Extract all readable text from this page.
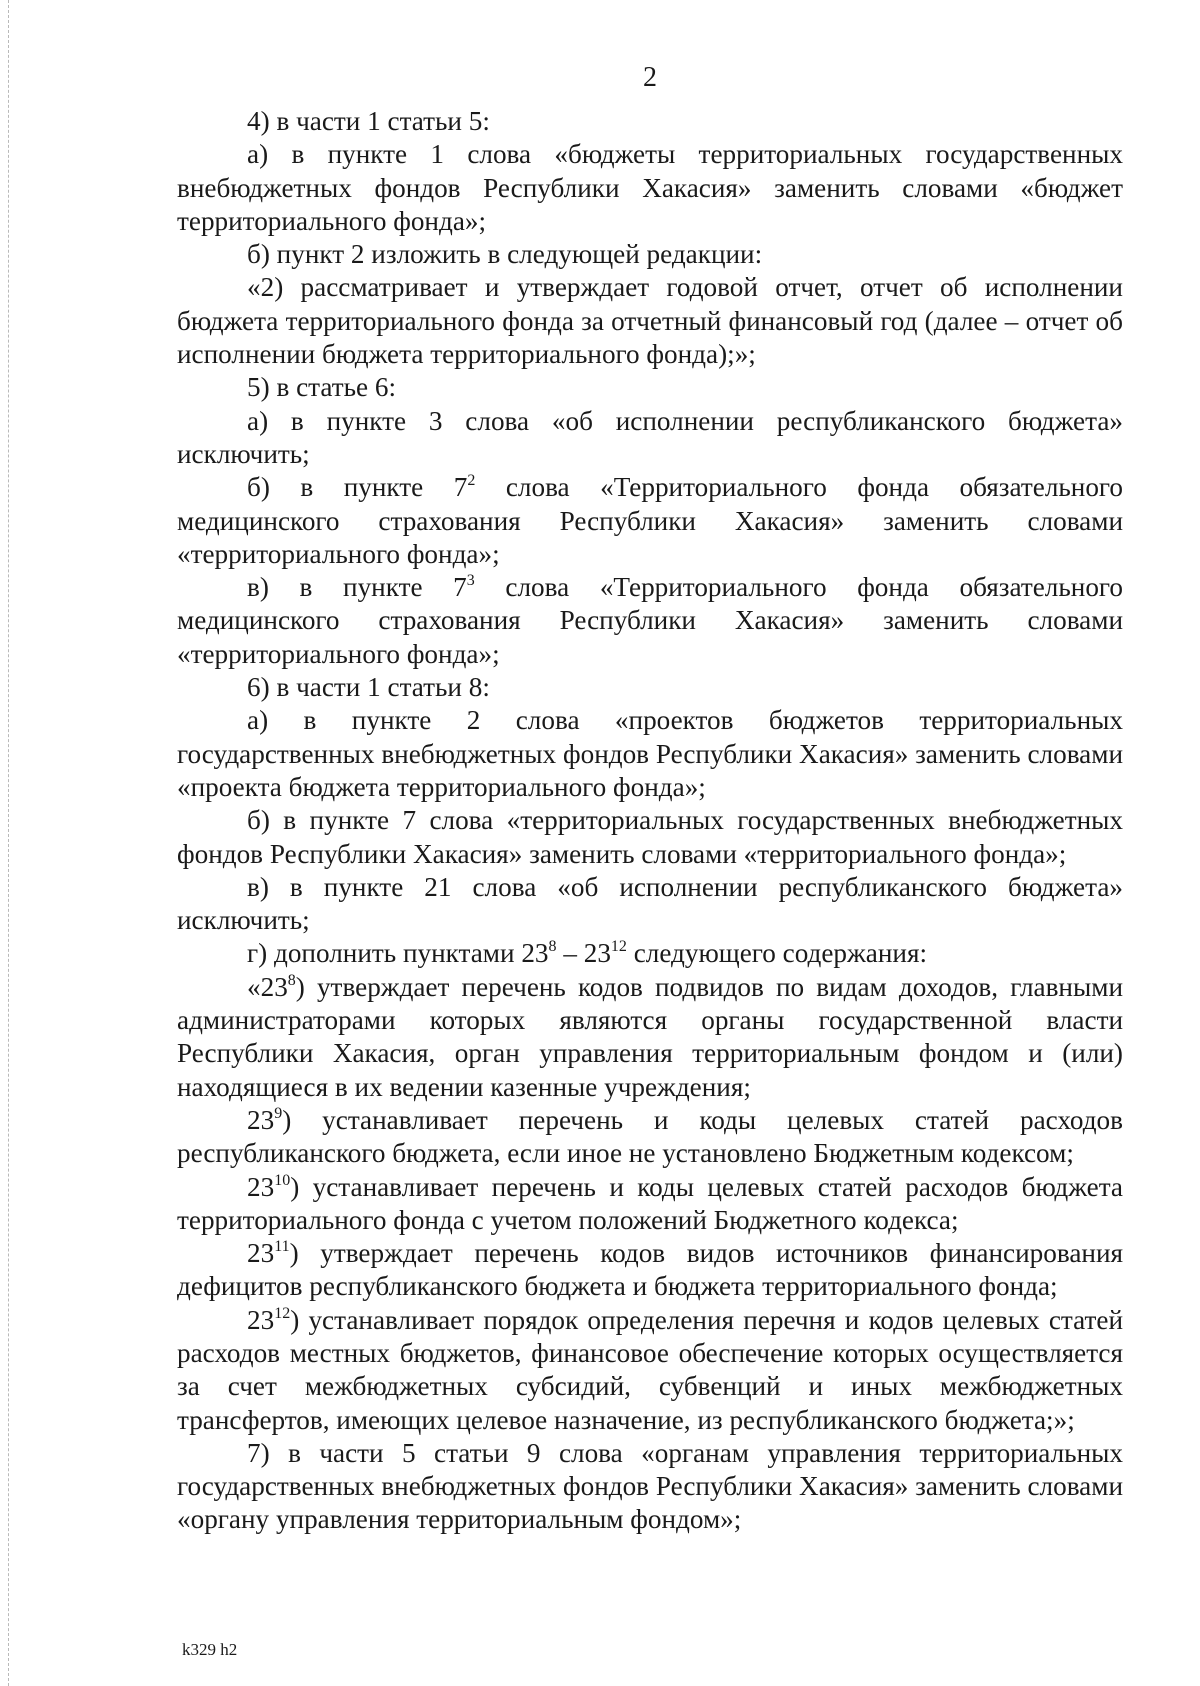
2

4) в части 1 статьи 5:

а) в пункте 1 слова «бюджеты территориальных государственных внебюджетных фондов Республики Хакасия» заменить словами «бюджет территориального фонда»;

б) пункт 2 изложить в следующей редакции:

«2) рассматривает и утверждает годовой отчет, отчет об исполнении бюджета территориального фонда за отчетный финансовый год (далее – отчет об исполнении бюджета территориального фонда);»;

5) в статье 6:

а) в пункте 3 слова «об исполнении республиканского бюджета» исключить;

б) в пункте $7^2$ слова «Территориального фонда обязательного медицинского страхования Республики Хакасия» заменить словами «территориального фонда»;

в) в пункте $7^3$ слова «Территориального фонда обязательного медицинского страхования Республики Хакасия» заменить словами «территориального фонда»;

6) в части 1 статьи 8:

а) в пункте 2 слова «проектов бюджетов территориальных государственных внебюджетных фондов Республики Хакасия» заменить словами «проекта бюджета территориального фонда»;

б) в пункте 7 слова «территориальных государственных внебюджетных фондов Республики Хакасия» заменить словами «территориального фонда»;

в) в пункте 21 слова «об исполнении республиканского бюджета» исключить;

г) дополнить пунктами $23^8 - 23^{12}$ следующего содержания:

«$23^8$) утверждает перечень кодов подвидов по видам доходов, главными администраторами которых являются органы государственной власти Республики Хакасия, орган управления территориальным фондом и (или) находящиеся в их ведении казенные учреждения;

$23^9$) устанавливает перечень и коды целевых статей расходов республиканского бюджета, если иное не установлено Бюджетным кодексом;

$23^{10}$) устанавливает перечень и коды целевых статей расходов бюджета территориального фонда с учетом положений Бюджетного кодекса;

$23^{11}$) утверждает перечень кодов видов источников финансирования дефицитов республиканского бюджета и бюджета территориального фонда;

$23^{12}$) устанавливает порядок определения перечня и кодов целевых статей расходов местных бюджетов, финансовое обеспечение которых осуществляется за счет межбюджетных субсидий, субвенций и иных межбюджетных трансфертов, имеющих целевое назначение, из республиканского бюджета;»;

7) в части 5 статьи 9 слова «органам управления территориальных государственных внебюджетных фондов Республики Хакасия» заменить словами «органу управления территориальным фондом»;

k329 h2
